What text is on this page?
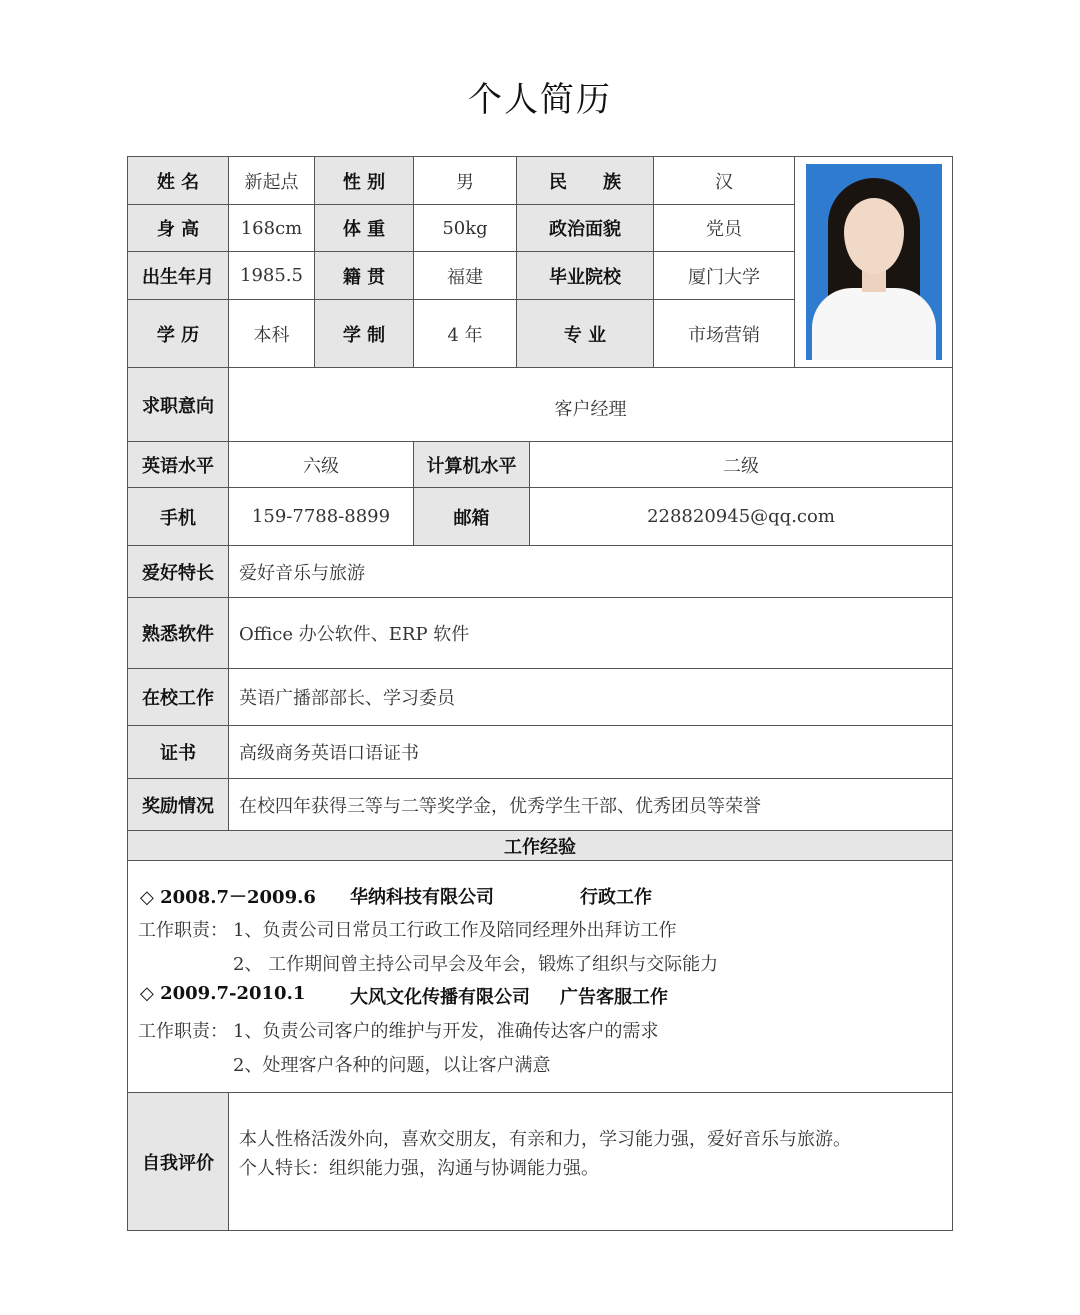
个人简历
姓 名	新起点	性 别	男	民　　族	汉
身 高	168cm	体 重	50kg	政治面貌	党员
出生年月	1985.5	籍 贯	福建	毕业院校	厦门大学
学 历	本科	学 制	4 年	专 业	市场营销
求职意向	客户经理
英语水平	六级	计算机水平	二级
手机	159-7788-8899	邮箱	228820945@qq.com
爱好特长	爱好音乐与旅游
熟悉软件	Office 办公软件、ERP 软件
在校工作	英语广播部部长、学习委员
证书	高级商务英语口语证书
奖励情况	在校四年获得三等与二等奖学金，优秀学生干部、优秀团员等荣誉
工作经验
◇ 2008.7－2009.6 华纳科技有限公司	行政工作
工作职责： 1、负责公司日常员工行政工作及陪同经理外出拜访工作
2、 工作期间曾主持公司早会及年会，锻炼了组织与交际能力
◇ 2009.7-2010.1 大风文化传播有限公司 广告客服工作
工作职责： 1、负责公司客户的维护与开发，准确传达客户的需求
2、处理客户各种的问题，以让客户满意
自我评价
本人性格活泼外向，喜欢交朋友，有亲和力，学习能力强，爱好音乐与旅游。
个人特长：组织能力强，沟通与协调能力强。
